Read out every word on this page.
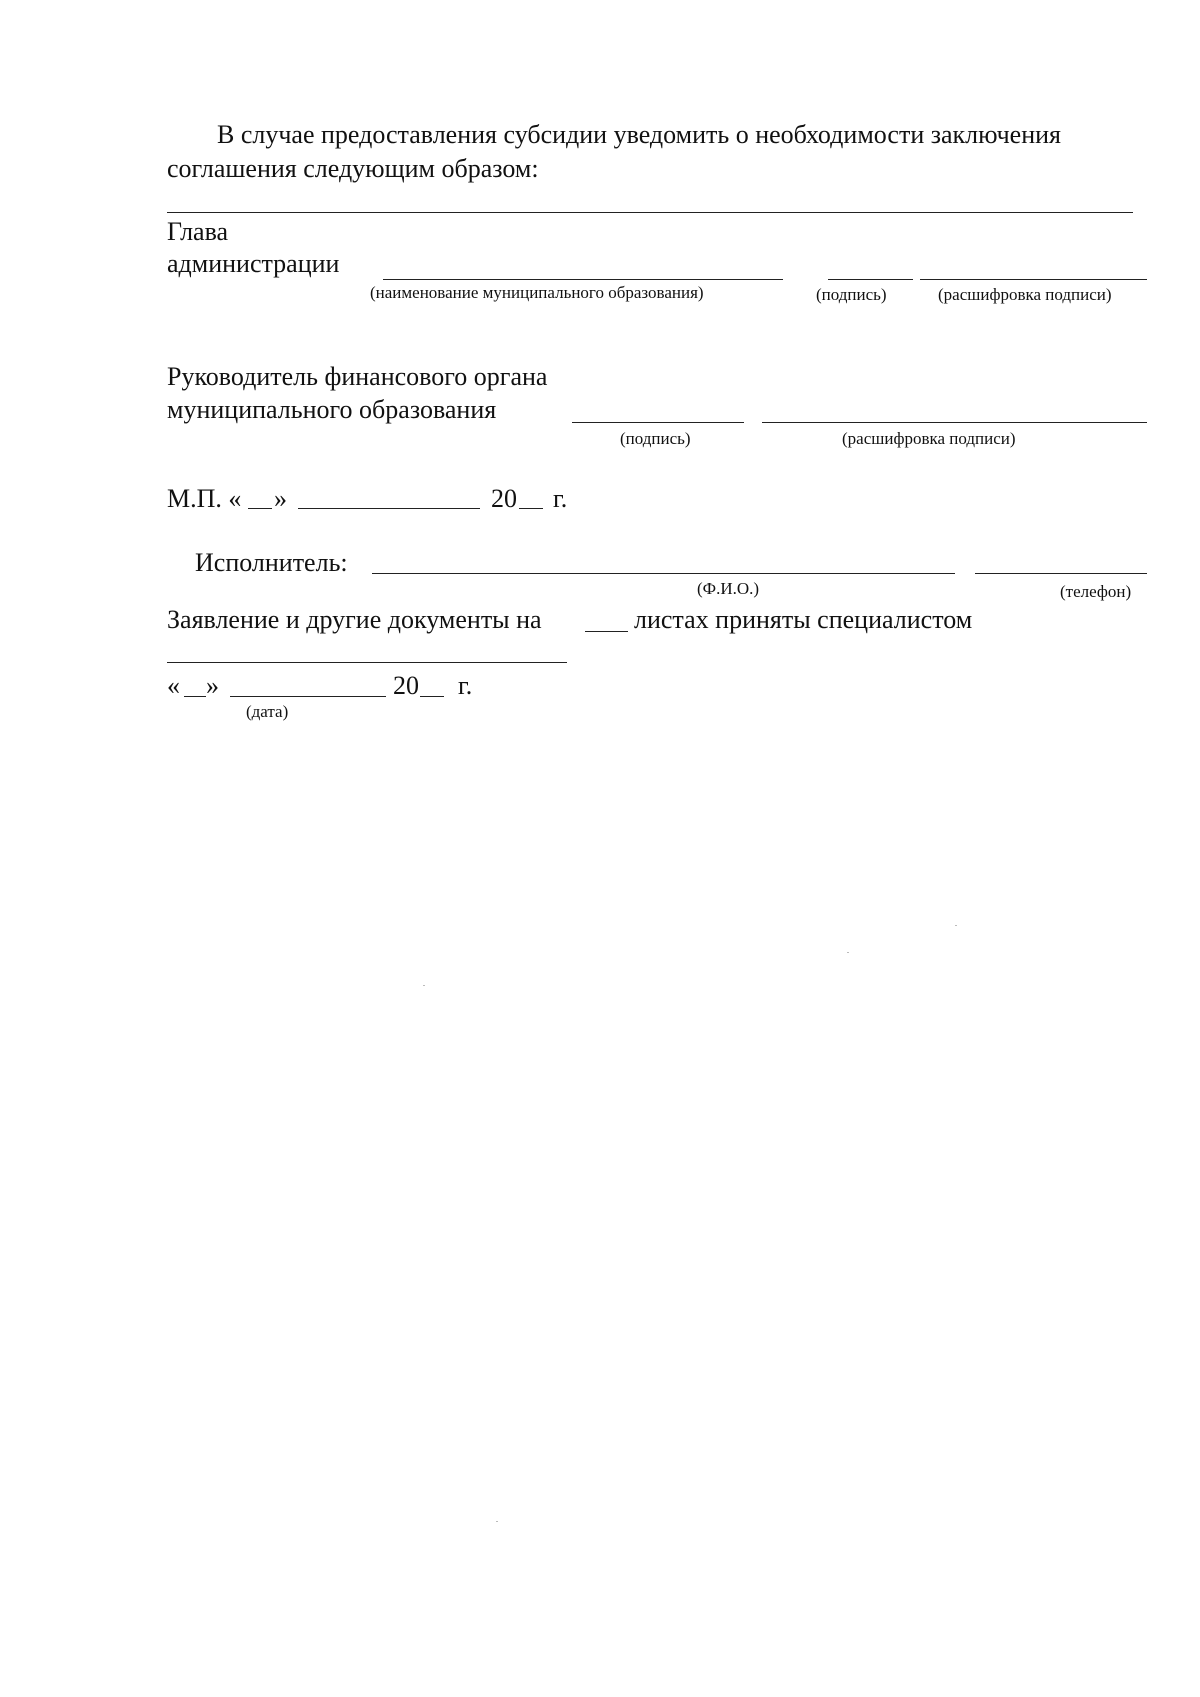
В случае предоставления субсидии уведомить о необходимости заключения
соглашения следующим образом:
Глава
администрации
(наименование муниципального образования)	(подпись)	(расшифровка подписи)
Руководитель финансового органа
муниципального образования
(подпись)	(расшифровка подписи)
М.П. « »	20 г.
Исполнитель:
(Ф.И.О.)	(телефон)
Заявление и другие документы на	листах приняты специалистом
« »	20 г.
(дата)
